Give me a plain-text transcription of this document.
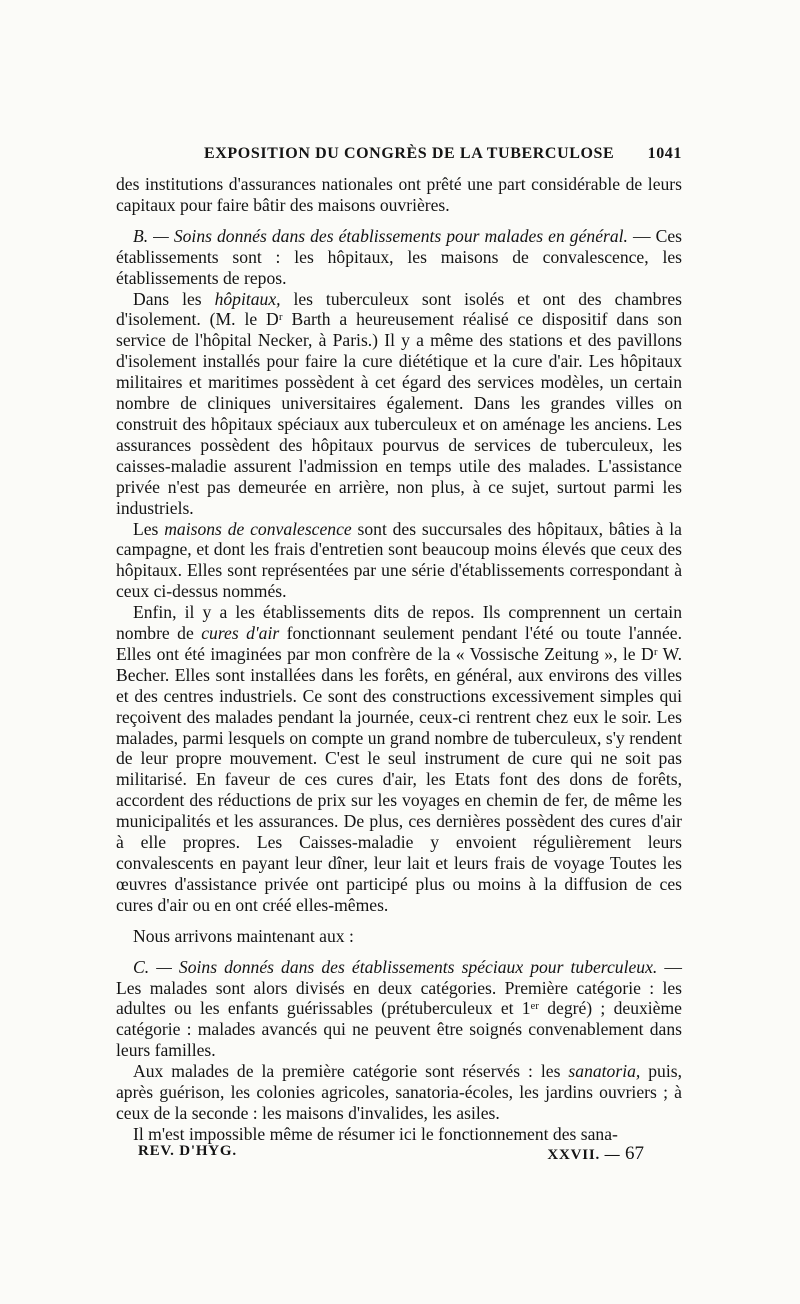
EXPOSITION DU CONGRÈS DE LA TUBERCULOSE 1041

des institutions d'assurances nationales ont prêté une part considérable de leurs capitaux pour faire bâtir des maisons ouvrières.

B. — Soins donnés dans des établissements pour malades en général. — Ces établissements sont : les hôpitaux, les maisons de convalescence, les établissements de repos.

Dans les hôpitaux, les tuberculeux sont isolés et ont des chambres d'isolement. (M. le Dʳ Barth a heureusement réalisé ce dispositif dans son service de l'hôpital Necker, à Paris.) Il y a même des stations et des pavillons d'isolement installés pour faire la cure diététique et la cure d'air. Les hôpitaux militaires et maritimes possèdent à cet égard des services modèles, un certain nombre de cliniques universitaires également. Dans les grandes villes on construit des hôpitaux spéciaux aux tuberculeux et on aménage les anciens. Les assurances possèdent des hôpitaux pourvus de services de tuberculeux, les caisses-maladie assurent l'admission en temps utile des malades. L'assistance privée n'est pas demeurée en arrière, non plus, à ce sujet, surtout parmi les industriels.

Les maisons de convalescence sont des succursales des hôpitaux, bâties à la campagne, et dont les frais d'entretien sont beaucoup moins élevés que ceux des hôpitaux. Elles sont représentées par une série d'établissements correspondant à ceux ci-dessus nommés.

Enfin, il y a les établissements dits de repos. Ils comprennent un certain nombre de cures d'air fonctionnant seulement pendant l'été ou toute l'année. Elles ont été imaginées par mon confrère de la « Vossische Zeitung », le Dʳ W. Becher. Elles sont installées dans les forêts, en général, aux environs des villes et des centres industriels. Ce sont des constructions excessivement simples qui reçoivent des malades pendant la journée, ceux-ci rentrent chez eux le soir. Les malades, parmi lesquels on compte un grand nombre de tuberculeux, s'y rendent de leur propre mouvement. C'est le seul instrument de cure qui ne soit pas militarisé. En faveur de ces cures d'air, les Etats font des dons de forêts, accordent des réductions de prix sur les voyages en chemin de fer, de même les municipalités et les assurances. De plus, ces dernières possèdent des cures d'air à elle propres. Les Caisses-maladie y envoient régulièrement leurs convalescents en payant leur dîner, leur lait et leurs frais de voyage Toutes les œuvres d'assistance privée ont participé plus ou moins à la diffusion de ces cures d'air ou en ont créé elles-mêmes.

Nous arrivons maintenant aux :

C. — Soins donnés dans des établissements spéciaux pour tuberculeux. — Les malades sont alors divisés en deux catégories. Première catégorie : les adultes ou les enfants guérissables (prétuberculeux et 1ᵉʳ degré) ; deuxième catégorie : malades avancés qui ne peuvent être soignés convenablement dans leurs familles.

Aux malades de la première catégorie sont réservés : les sanatoria, puis, après guérison, les colonies agricoles, sanatoria-écoles, les jardins ouvriers ; à ceux de la seconde : les maisons d'invalides, les asiles.

Il m'est impossible même de résumer ici le fonctionnement des sana-

REV. D'HYG.	XXVII. — 67
